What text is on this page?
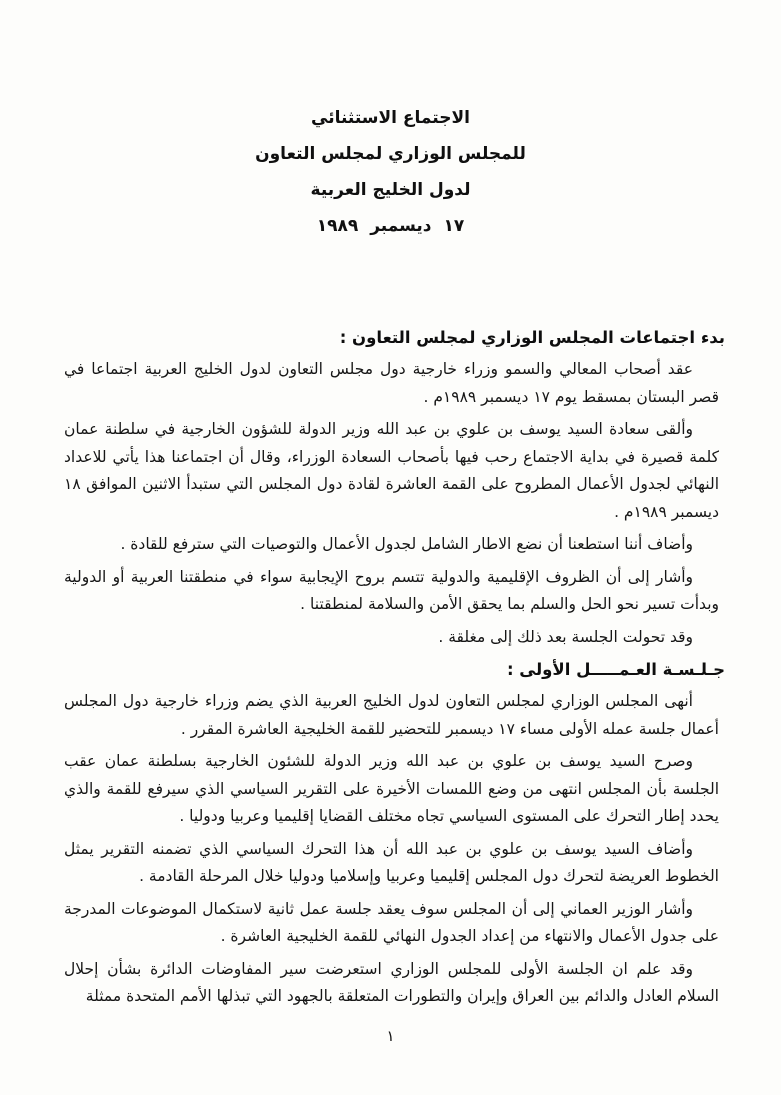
الاجتماع الاستثنائي
للمجلس الوزاري لمجلس التعاون
لدول الخليج العربية
١٧ ديسمبر ١٩٨٩
بدء اجتماعات المجلس الوزاري لمجلس التعاون :

عقد أصحاب المعالي والسمو وزراء خارجية دول مجلس التعاون لدول الخليج العربية اجتماعا في قصر البستان بمسقط يوم ١٧ ديسمبر ١٩٨٩م .

وألقى سعادة السيد يوسف بن علوي بن عبد الله وزير الدولة للشؤون الخارجية في سلطنة عمان كلمة قصيرة في بداية الاجتماع رحب فيها بأصحاب السعادة الوزراء، وقال أن اجتماعنا هذا يأتي للاعداد النهائي لجدول الأعمال المطروح على القمة العاشرة لقادة دول المجلس التي ستبدأ الاثنين الموافق ١٨ ديسمبر ١٩٨٩م .

وأضاف أننا استطعنا أن نضع الاطار الشامل لجدول الأعمال والتوصيات التي سترفع للقادة .

وأشار إلى أن الظروف الإقليمية والدولية تتسم بروح الإيجابية سواء في منطقتنا العربية أو الدولية وبدأت تسير نحو الحل والسلم بما يحقق الأمن والسلامة لمنطقتنا .

وقد تحولت الجلسة بعد ذلك إلى مغلقة .

جـلـسـة العـمـــــل الأولى :

أنهى المجلس الوزاري لمجلس التعاون لدول الخليج العربية الذي يضم وزراء خارجية دول المجلس أعمال جلسة عمله الأولى مساء ١٧ ديسمبر للتحضير للقمة الخليجية العاشرة المقرر .

وصرح السيد يوسف بن علوي بن عبد الله وزير الدولة للشئون الخارجية بسلطنة عمان عقب الجلسة بأن المجلس انتهى من وضع اللمسات الأخيرة على التقرير السياسي الذي سيرفع للقمة والذي يحدد إطار التحرك على المستوى السياسي تجاه مختلف القضايا إقليميا وعربيا ودوليا .

وأضاف السيد يوسف بن علوي بن عبد الله أن هذا التحرك السياسي الذي تضمنه التقرير يمثل الخطوط العريضة لتحرك دول المجلس إقليميا وعربيا وإسلاميا ودوليا خلال المرحلة القادمة .

وأشار الوزير العماني إلى أن المجلس سوف يعقد جلسة عمل ثانية لاستكمال الموضوعات المدرجة على جدول الأعمال والانتهاء من إعداد الجدول النهائي للقمة الخليجية العاشرة .

وقد علم ان الجلسة الأولى للمجلس الوزاري استعرضت سير المفاوضات الدائرة بشأن إحلال السلام العادل والدائم بين العراق وإيران والتطورات المتعلقة بالجهود التي تبذلها الأمم المتحدة ممثلة

١
